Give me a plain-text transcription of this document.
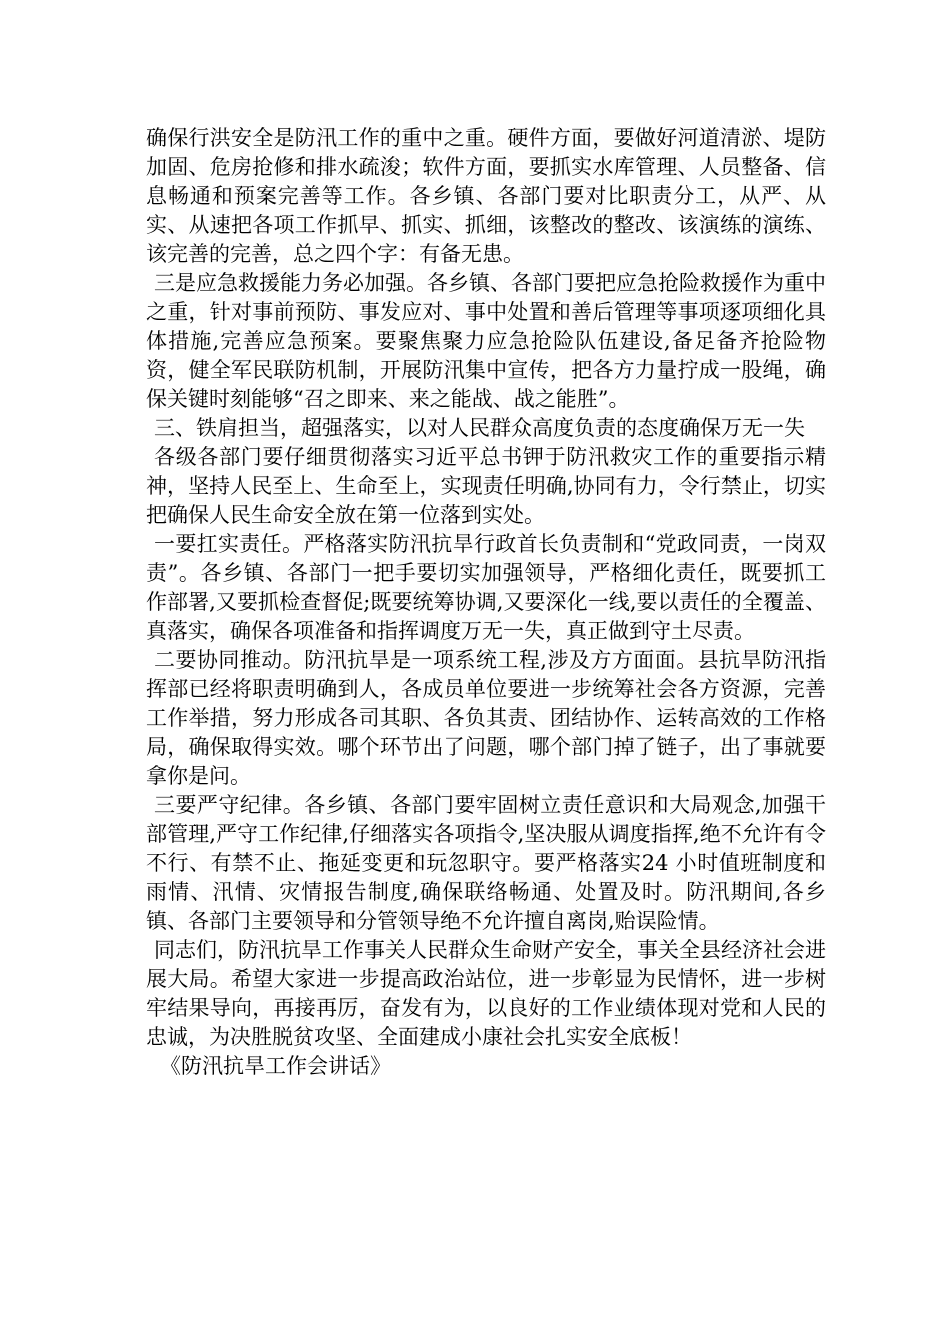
确保行洪安全是防汛工作的重中之重。硬件方面，要做好河道清淤、堤防加固、危房抢修和排水疏浚；软件方面，要抓实水库管理、人员整备、信息畅通和预案完善等工作。各乡镇、各部门要对比职责分工，从严、从实、从速把各项工作抓早、抓实、抓细，该整改的整改、该演练的演练、该完善的完善，总之四个字：有备无患。

三是应急救援能力务必加强。各乡镇、各部门要把应急抢险救援作为重中之重，针对事前预防、事发应对、事中处置和善后管理等事项逐项细化具体措施,完善应急预案。要聚焦聚力应急抢险队伍建设,备足备齐抢险物资，健全军民联防机制，开展防汛集中宣传，把各方力量拧成一股绳，确保关键时刻能够“召之即来、来之能战、战之能胜”。

三、铁肩担当，超强落实，以对人民群众高度负责的态度确保万无一失

各级各部门要仔细贯彻落实习近平总书钾于防汛救灾工作的重要指示精神，坚持人民至上、生命至上，实现责任明确,协同有力，令行禁止，切实把确保人民生命安全放在第一位落到实处。

一要扛实责任。严格落实防汛抗旱行政首长负责制和“党政同责，一岗双责”。各乡镇、各部门一把手要切实加强领导，严格细化责任，既要抓工作部署,又要抓检查督促;既要统筹协调,又要深化一线,要以责任的全覆盖、真落实，确保各项准备和指挥调度万无一失，真正做到守土尽责。

二要协同推动。防汛抗旱是一项系统工程,涉及方方面面。县抗旱防汛指挥部已经将职责明确到人，各成员单位要进一步统筹社会各方资源，完善工作举措，努力形成各司其职、各负其责、团结协作、运转高效的工作格局，确保取得实效。哪个环节出了问题，哪个部门掉了链子，出了事就要拿你是问。

三要严守纪律。各乡镇、各部门要牢固树立责任意识和大局观念,加强干部管理,严守工作纪律,仔细落实各项指令,坚决服从调度指挥,绝不允许有令不行、有禁不止、拖延变更和玩忽职守。要严格落实24 小时值班制度和雨情、汛情、灾情报告制度,确保联络畅通、处置及时。防汛期间,各乡镇、各部门主要领导和分管领导绝不允许擅自离岗,贻误险情。

同志们，防汛抗旱工作事关人民群众生命财产安全，事关全县经济社会进展大局。希望大家进一步提高政治站位，进一步彰显为民情怀，进一步树牢结果导向，再接再厉，奋发有为，以良好的工作业绩体现对党和人民的忠诚，为决胜脱贫攻坚、全面建成小康社会扎实安全底板！

《防汛抗旱工作会讲话》
